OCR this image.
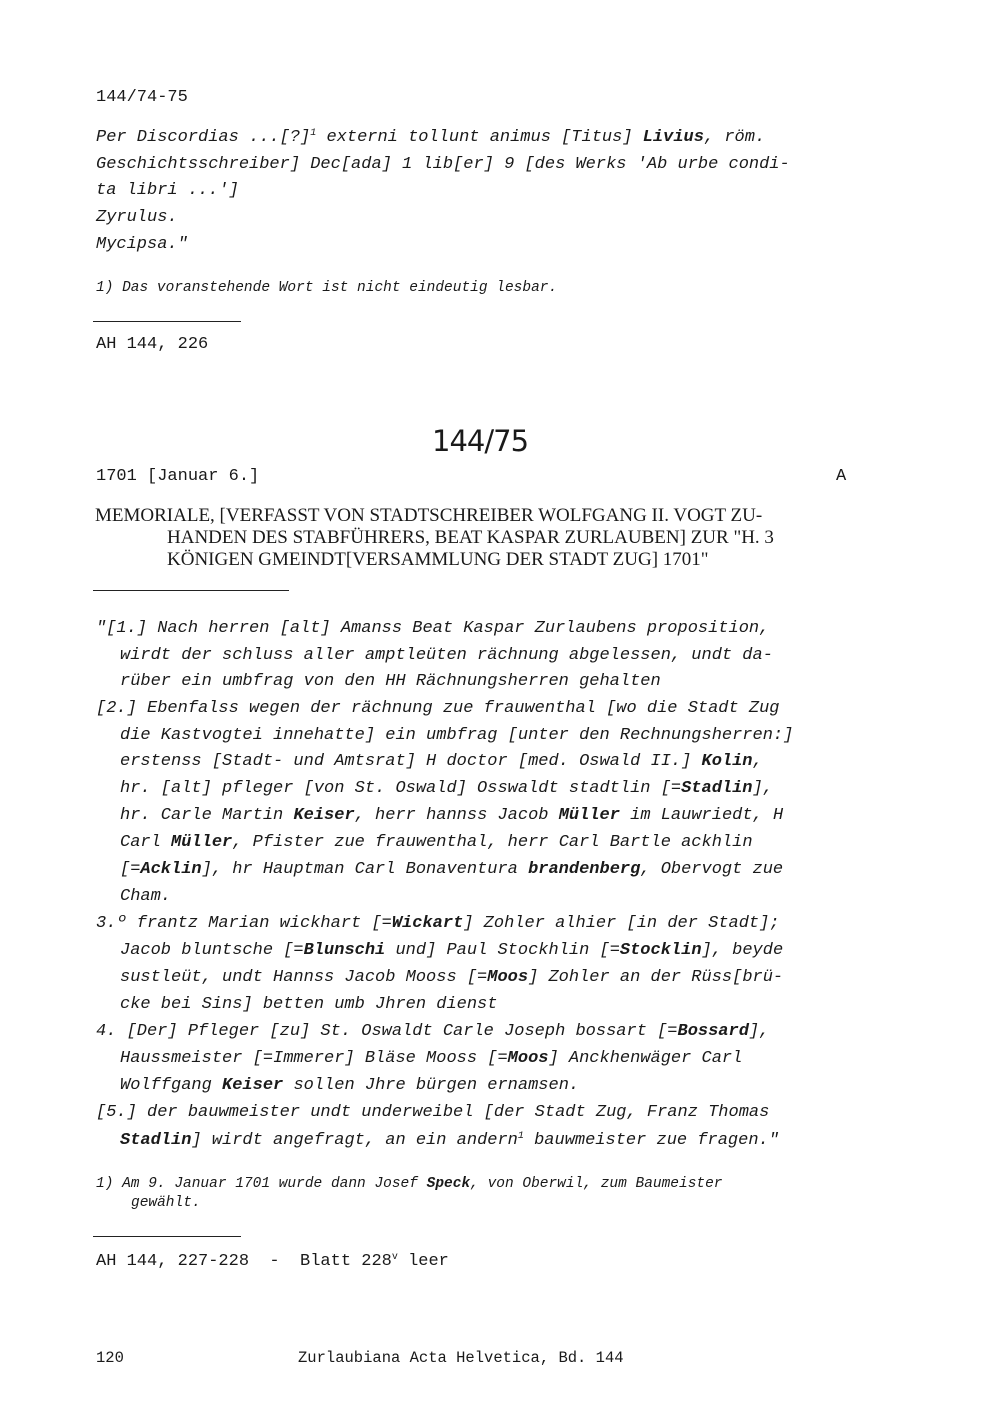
144/74-75
Per Discordias ...[?]$^1$ externi tollunt animus [Titus] Livius, röm.
Geschichtsschreiber] Dec[ada] 1 lib[er] 9 [des Werks 'Ab urbe condi-
ta libri ...']
Zyrulus.
Mycipsa."
1) Das voranstehende Wort ist nicht eindeutig lesbar.
AH 144, 226
144/75
1701 [Januar 6.]	A
MEMORIALE, [VERFASST VON STADTSCHREIBER WOLFGANG II. VOGT ZU-
HANDEN DES STABFÜHRERS, BEAT KASPAR ZURLAUBEN] ZUR "H. 3
KÖNIGEN GMEINDT[VERSAMMLUNG DER STADT ZUG] 1701"
"[1.] Nach herren [alt] Amanss Beat Kaspar Zurlaubens proposition,
wirdt der schluss aller amptleüten rächnung abgelessen, undt da-
rüber ein umbfrag von den HH Rächnungsherren gehalten
[2.] Ebenfalss wegen der rächnung zue frauwenthal [wo die Stadt Zug
die Kastvogtei innehatte] ein umbfrag [unter den Rechnungsherren:]
erstenss [Stadt- und Amtsrat] H doctor [med. Oswald II.] Kolin,
hr. [alt] pfleger [von St. Oswald] Osswaldt stadtlin [=Stadlin],
hr. Carle Martin Keiser, herr hannss Jacob Müller im Lauwriedt, H
Carl Müller, Pfister zue frauwenthal, herr Carl Bartle ackhlin
[=Acklin], hr Hauptman Carl Bonaventura brandenberg, Obervogt zue
Cham.
3.º frantz Marian wickhart [=Wickart] Zohler alhier [in der Stadt];
Jacob bluntsche [=Blunschi und] Paul Stockhlin [=Stocklin], beyde
sustleüt, undt Hannss Jacob Mooss [=Moos] Zohler an der Rüss[brü-
cke bei Sins] betten umb Jhren dienst
4. [Der] Pfleger [zu] St. Oswaldt Carle Joseph bossart [=Bossard],
Haussmeister [=Immerer] Bläse Mooss [=Moos] Anckhenwäger Carl
Wolffgang Keiser sollen Jhre bürgen ernamsen.
[5.] der bauwmeister undt underweibel [der Stadt Zug, Franz Thomas
Stadlin] wirdt angefragt, an ein andern$^1$ bauwmeister zue fragen."
1) Am 9. Januar 1701 wurde dann Josef Speck, von Oberwil, zum Baumeister
gewählt.
AH 144, 227-228  -  Blatt 228$^v$ leer
120	Zurlaubiana Acta Helvetica, Bd. 144
